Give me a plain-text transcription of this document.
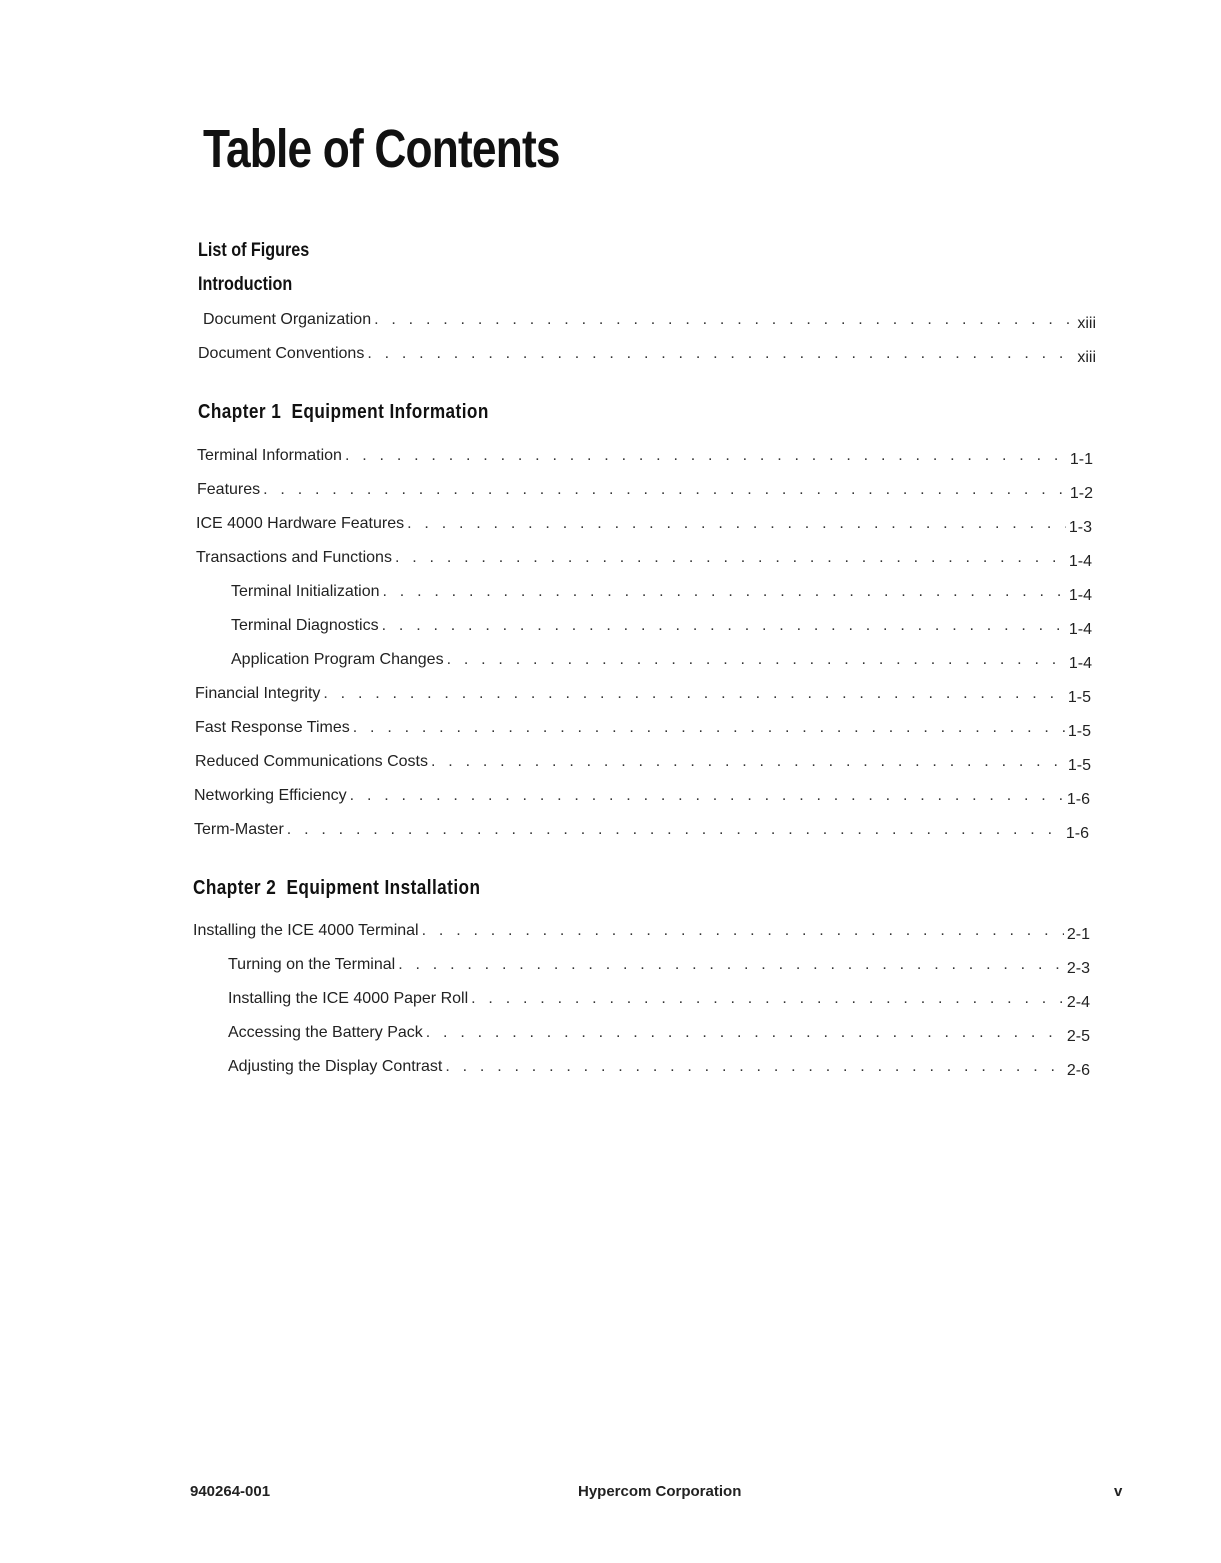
Table of Contents
List of Figures
Introduction
Document Organization . . .	xiii
Document Conventions . . .	xiii
Chapter 1 Equipment Information
Terminal Information . . .	1-1
Features . . .	1-2
ICE 4000 Hardware Features . . .	1-3
Transactions and Functions . . .	1-4
Terminal Initialization . . .	1-4
Terminal Diagnostics . . .	1-4
Application Program Changes . . .	1-4
Financial Integrity . . .	1-5
Fast Response Times . . .	1-5
Reduced Communications Costs . . .	1-5
Networking Efficiency . . .	1-6
Term-Master . . .	1-6
Chapter 2 Equipment Installation
Installing the ICE 4000 Terminal . . .	2-1
Turning on the Terminal . . .	2-3
Installing the ICE 4000 Paper Roll . . .	2-4
Accessing the Battery Pack . . .	2-5
Adjusting the Display Contrast . . .	2-6
940264-001	Hypercom Corporation	v
